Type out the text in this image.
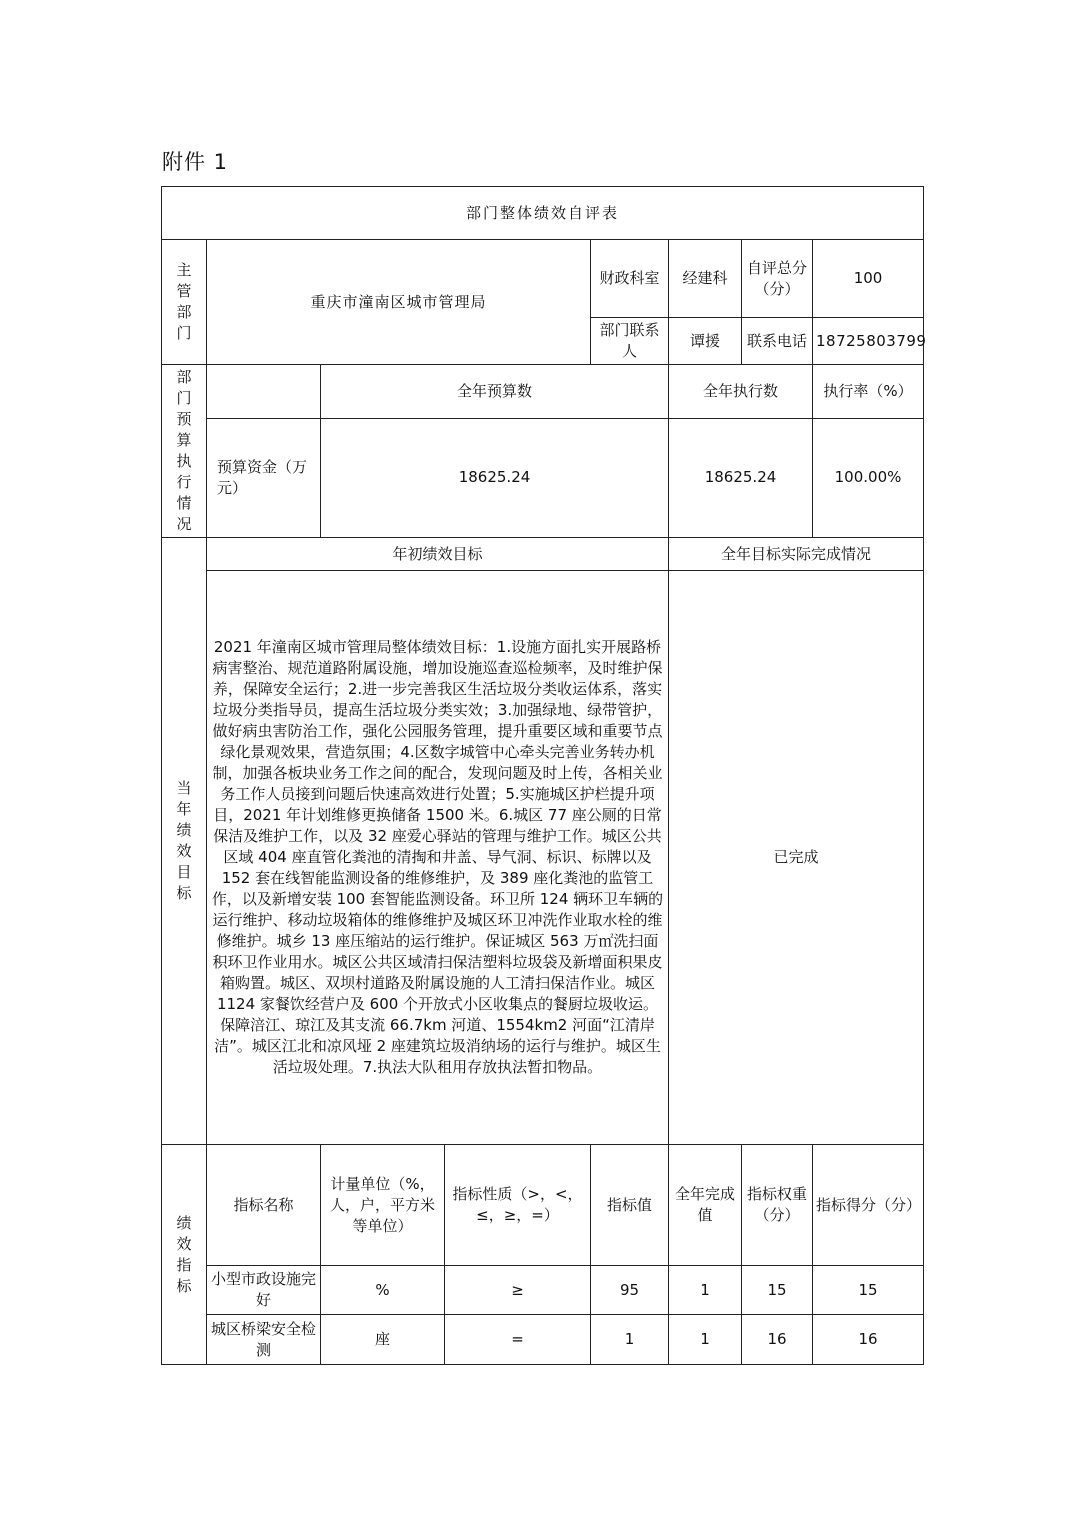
附件 1
部门整体绩效自评表							

主管部门	重庆市潼南区城市管理局			财政科室	经建科	自评总分（分）	100
				部门联系人	谭援	联系电话	18725803799

部门预算执行情况		全年预算数			全年执行数		执行率（%）
	预算资金（万元）	18625.24			18625.24		100.00%

当年绩效目标	年初绩效目标				全年目标实际完成情况		
	2021 年潼南区城市管理局整体绩效目标：1.设施方面扎实开展路桥病害整治、规范道路附属设施，增加设施巡查巡检频率，及时维护保养，保障安全运行；2.进一步完善我区生活垃圾分类收运体系，落实垃圾分类指导员，提高生活垃圾分类实效；3.加强绿地、绿带管护，做好病虫害防治工作，强化公园服务管理，提升重要区域和重要节点绿化景观效果，营造氛围；4.区数字城管中心牵头完善业务转办机制，加强各板块业务工作之间的配合，发现问题及时上传，各相关业务工作人员接到问题后快速高效进行处置；5.实施城区护栏提升项目，2021 年计划维修更换储备 1500 米。6.城区 77 座公厕的日常保洁及维护工作，以及 32 座爱心驿站的管理与维护工作。城区公共区域 404 座直管化粪池的清掏和井盖、导气洞、标识、标牌以及 152 套在线智能监测设备的维修维护，及 389 座化粪池的监管工作，以及新增安装 100 套智能监测设备。环卫所 124 辆环卫车辆的运行维护、移动垃圾箱体的维修维护及城区环卫冲洗作业取水栓的维修维护。城乡 13 座压缩站的运行维护。保证城区 563 万㎡洗扫面积环卫作业用水。城区公共区域清扫保洁塑料垃圾袋及新增面积果皮箱购置。城区、双坝村道路及附属设施的人工清扫保洁作业。城区 1124 家餐饮经营户及 600 个开放式小区收集点的餐厨垃圾收运。保障涪江、琼江及其支流 66.7km 河道、1554km2 河面“江清岸洁”。城区江北和凉风垭 2 座建筑垃圾消纳场的运行与维护。城区生活垃圾处理。7.执法大队租用存放执法暂扣物品。				已完成		

绩效指标	指标名称	计量单位（%，人，户，平方米等单位）	指标性质（>，<，≤，≥，=）	指标值	全年完成值	指标权重（分）	指标得分（分）
	小型市政设施完好	%	≥	95	1	15	15
	城区桥梁安全检测	座	=	1	1	16	16
